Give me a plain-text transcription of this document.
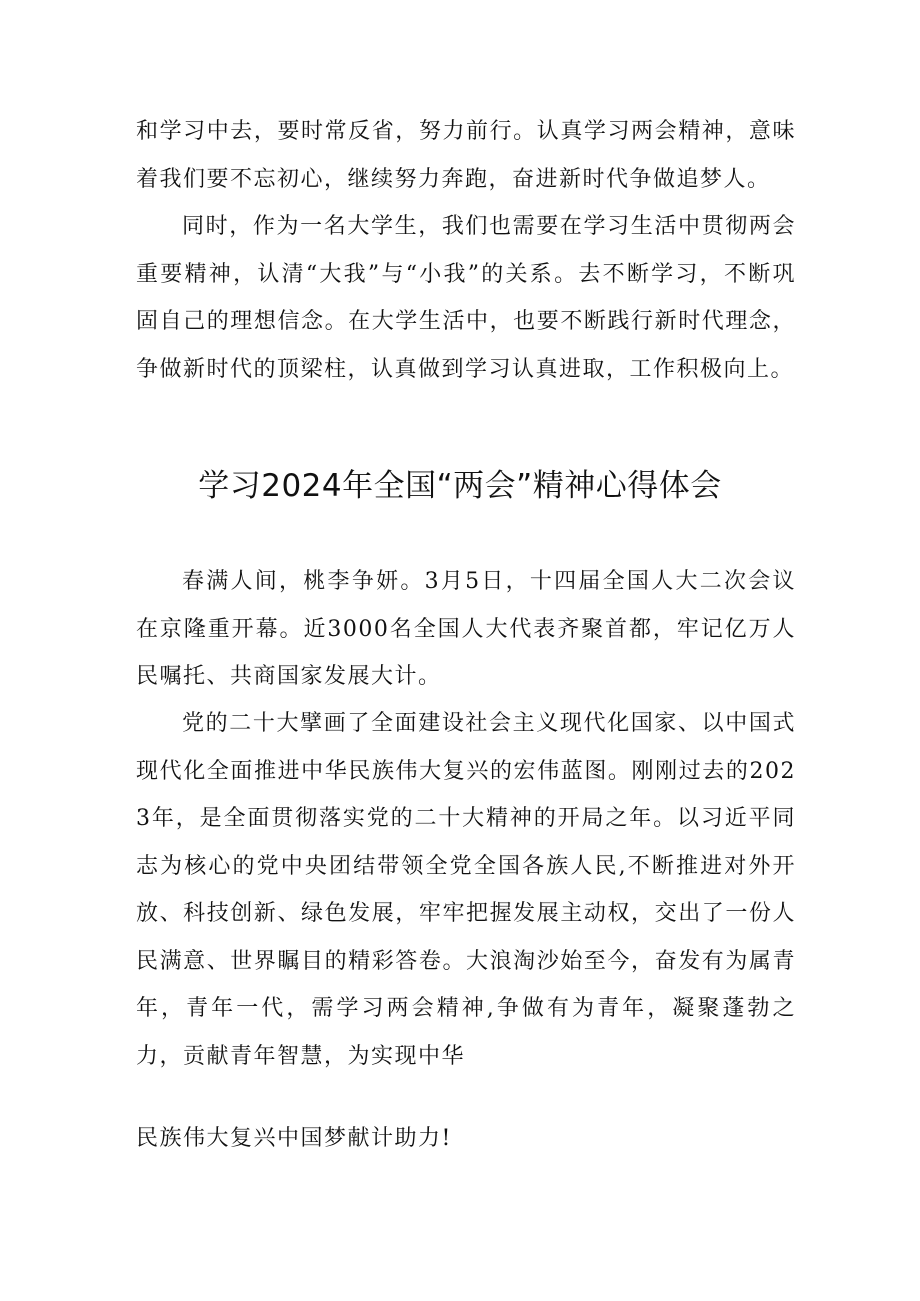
和学习中去，要时常反省，努力前行。认真学习两会精神，意味着我们要不忘初心，继续努力奔跑，奋进新时代争做追梦人。

同时，作为一名大学生，我们也需要在学习生活中贯彻两会重要精神，认清“大我”与“小我”的关系。去不断学习，不断巩固自己的理想信念。在大学生活中，也要不断践行新时代理念，争做新时代的顶梁柱，认真做到学习认真进取，工作积极向上。

学习2024年全国“两会”精神心得体会

春满人间，桃李争妍。3月5日，十四届全国人大二次会议在京隆重开幕。近3000名全国人大代表齐聚首都，牢记亿万人民嘱托、共商国家发展大计。

党的二十大擘画了全面建设社会主义现代化国家、以中国式现代化全面推进中华民族伟大复兴的宏伟蓝图。刚刚过去的2023年，是全面贯彻落实党的二十大精神的开局之年。以习近平同志为核心的党中央团结带领全党全国各族人民,不断推进对外开放、科技创新、绿色发展，牢牢把握发展主动权，交出了一份人民满意、世界瞩目的精彩答卷。大浪淘沙始至今，奋发有为属青年，青年一代，需学习两会精神,争做有为青年，凝聚蓬勃之力，贡献青年智慧，为实现中华

民族伟大复兴中国梦献计助力!
